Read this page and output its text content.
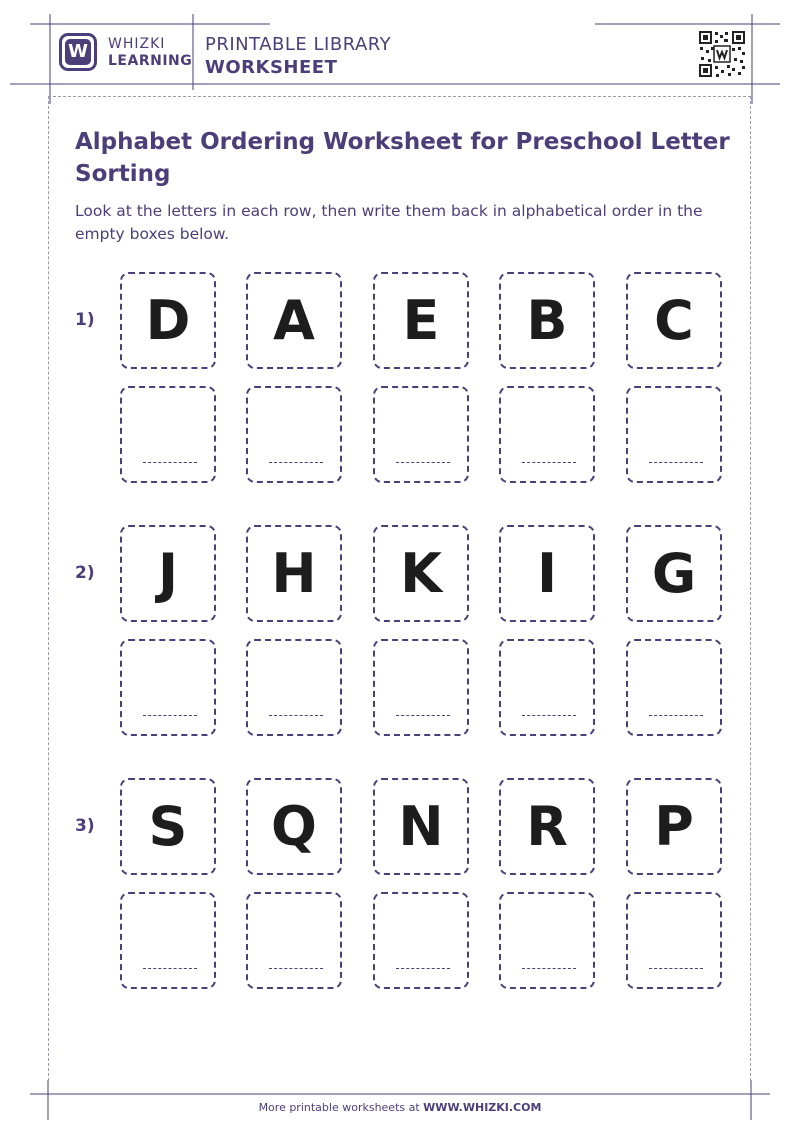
W WHIZKI
LEARNING
PRINTABLE LIBRARY
WORKSHEET
Alphabet Ordering Worksheet for Preschool Letter Sorting
Look at the letters in each row, then write them back in alphabetical order in the empty boxes below.
1) D A E B C
2) J H K I G
3) S Q N R P
More printable worksheets at WWW.WHIZKI.COM
